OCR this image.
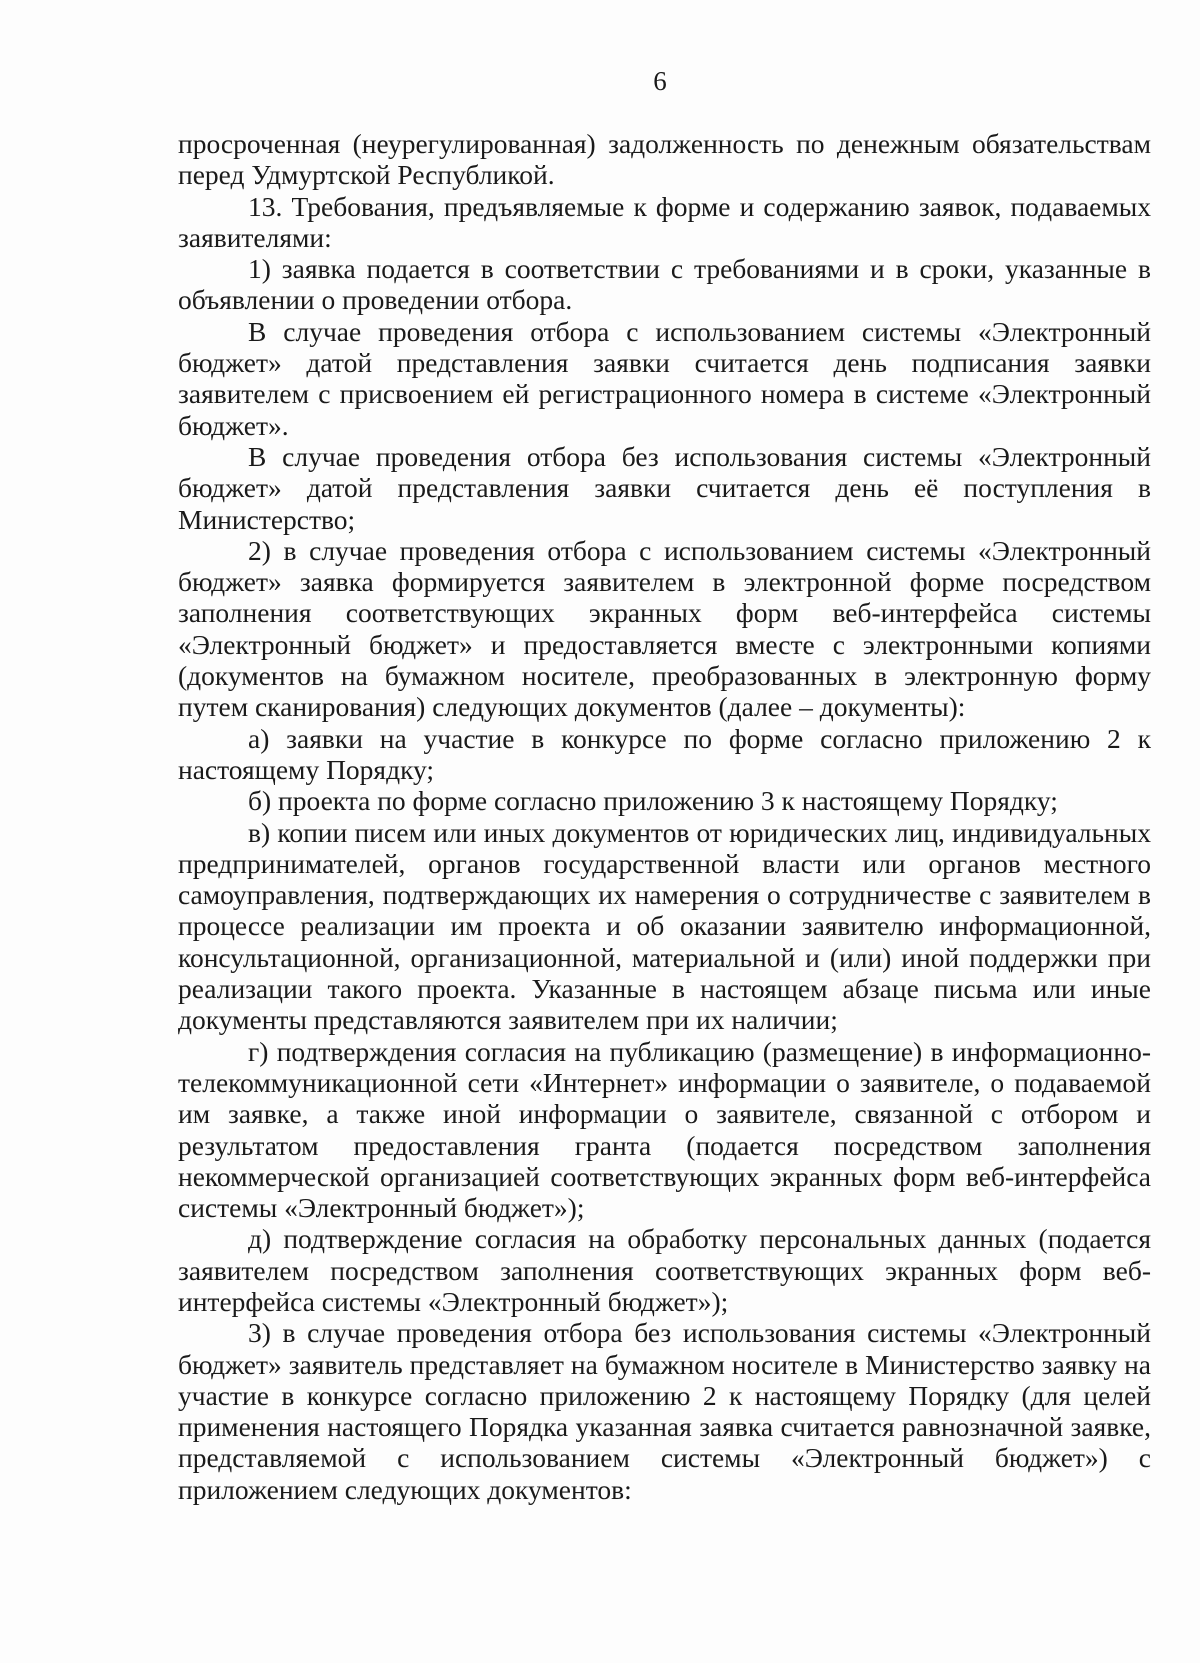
6

просроченная (неурегулированная) задолженность по денежным обязательствам перед Удмуртской Республикой.

13. Требования, предъявляемые к форме и содержанию заявок, подаваемых заявителями:

1) заявка подается в соответствии с требованиями и в сроки, указанные в объявлении о проведении отбора.

В случае проведения отбора с использованием системы «Электронный бюджет» датой представления заявки считается день подписания заявки заявителем с присвоением ей регистрационного номера в системе «Электронный бюджет».

В случае проведения отбора без использования системы «Электронный бюджет» датой представления заявки считается день её поступления в Министерство;

2) в случае проведения отбора с использованием системы «Электронный бюджет» заявка формируется заявителем в электронной форме посредством заполнения соответствующих экранных форм веб-интерфейса системы «Электронный бюджет» и предоставляется вместе с электронными копиями (документов на бумажном носителе, преобразованных в электронную форму путем сканирования) следующих документов (далее – документы):

а) заявки на участие в конкурсе по форме согласно приложению 2 к настоящему Порядку;

б) проекта по форме согласно приложению 3 к настоящему Порядку;

в) копии писем или иных документов от юридических лиц, индивидуальных предпринимателей, органов государственной власти или органов местного самоуправления, подтверждающих их намерения о сотрудничестве с заявителем в процессе реализации им проекта и об оказании заявителю информационной, консультационной, организационной, материальной и (или) иной поддержки при реализации такого проекта. Указанные в настоящем абзаце письма или иные документы представляются заявителем при их наличии;

г) подтверждения согласия на публикацию (размещение) в информационно-телекоммуникационной сети «Интернет» информации о заявителе, о подаваемой им заявке, а также иной информации о заявителе, связанной с отбором и результатом предоставления гранта (подается посредством заполнения некоммерческой организацией соответствующих экранных форм веб-интерфейса системы «Электронный бюджет»);

д) подтверждение согласия на обработку персональных данных (подается заявителем посредством заполнения соответствующих экранных форм веб-интерфейса системы «Электронный бюджет»);

3) в случае проведения отбора без использования системы «Электронный бюджет» заявитель представляет на бумажном носителе в Министерство заявку на участие в конкурсе согласно приложению 2 к настоящему Порядку (для целей применения настоящего Порядка указанная заявка считается равнозначной заявке, представляемой с использованием системы «Электронный бюджет») с приложением следующих документов:
